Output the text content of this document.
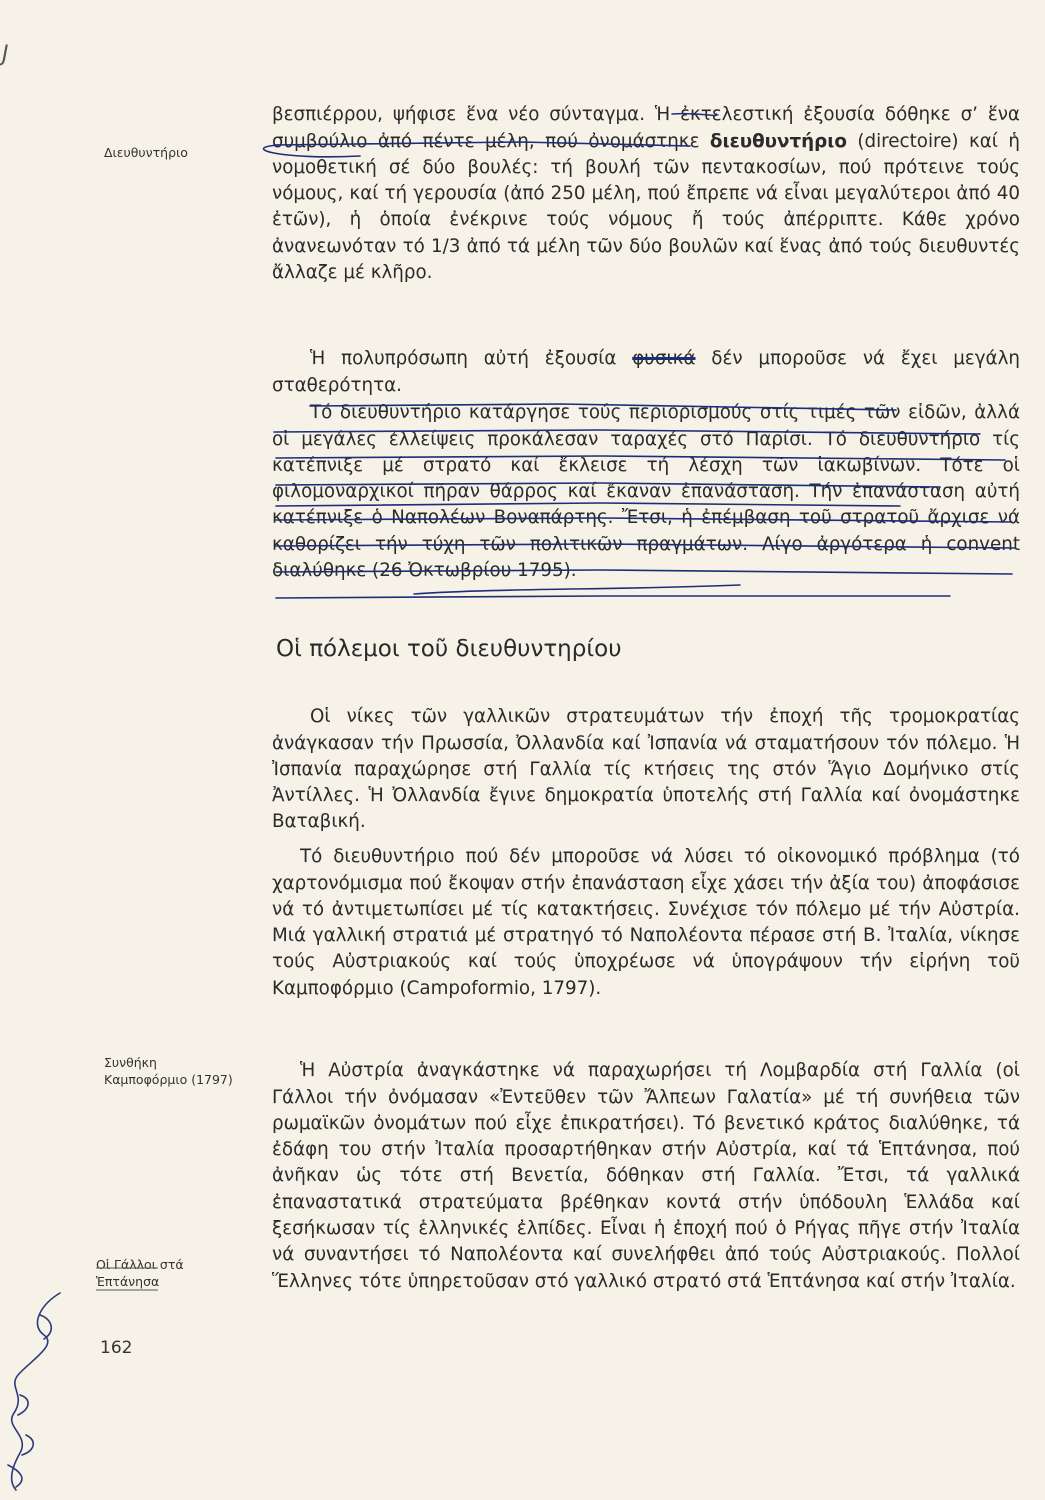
J
Διευθυντήριο
Συνθήκη
Καμποφόρμιο (1797)
Οἱ Γάλλοι στά
Ἑπτάνησα

βεσπιέρρου, ψήφισε ἕνα νέο σύνταγμα. Ἡ ἐκτελεστική ἐξουσία δόθηκε σ’ ἕνα συμβούλιο ἀπό πέντε μέλη, πού ὀνομάστηκε διευθυντήριο (directoire) καί ἡ νομοθετική σέ δύο βουλές: τή βουλή τῶν πεντακοσίων, πού πρότεινε τούς νόμους, καί τή γερουσία (ἀπό 250 μέλη, πού ἔπρεπε νά εἶναι μεγαλύτεροι ἀπό 40 ἐτῶν), ἡ ὁποία ἐνέκρινε τούς νόμους ἤ τούς ἀπέρριπτε. Κάθε χρόνο ἀνανεωνόταν τό 1/3 ἀπό τά μέλη τῶν δύο βουλῶν καί ἕνας ἀπό τούς διευθυντές ἄλλαζε μέ κλῆρο.

Ἡ πολυπρόσωπη αὐτή ἐξουσία φυσικά δέν μποροῦσε νά ἔχει μεγάλη σταθερότητα.

Τό διευθυντήριο κατάργησε τούς περιορισμούς στίς τιμές τῶν εἰδῶν, ἀλλά οἱ μεγάλες ἐλλείψεις προκάλεσαν ταραχές στό Παρίσι. Τό διευθυντήριο τίς κατέπνιξε μέ στρατό καί ἔκλεισε τή λέσχη τῶν ἰακωβίνων. Τότε οἱ φιλομοναρχικοί πῆραν θάρρος καί ἔκαναν ἐπανάσταση. Τήν ἐπανάσταση αὐτή κατέπνιξε ὁ Ναπολέων Βοναπάρτης. Ἔτσι, ἡ ἐπέμβαση τοῦ στρατοῦ ἄρχισε νά καθορίζει τήν τύχη τῶν πολιτικῶν πραγμάτων. Λίγο ἀργότερα ἡ convent διαλύθηκε (26 Ὀκτωβρίου 1795).

Οἱ πόλεμοι τοῦ διευθυντηρίου

Οἱ νίκες τῶν γαλλικῶν στρατευμάτων τήν ἐποχή τῆς τρομοκρατίας ἀνάγκασαν τήν Πρωσσία, Ὀλλανδία καί Ἰσπανία νά σταματήσουν τόν πόλεμο. Ἡ Ἰσπανία παραχώρησε στή Γαλλία τίς κτήσεις της στόν Ἅγιο Δομήνικο στίς Ἀντίλλες. Ἡ Ὀλλανδία ἔγινε δημοκρατία ὑποτελής στή Γαλλία καί ὀνομάστηκε Βαταβική.

Τό διευθυντήριο πού δέν μποροῦσε νά λύσει τό οἰκονομικό πρόβλημα (τό χαρτονόμισμα πού ἔκοψαν στήν ἐπανάσταση εἶχε χάσει τήν ἀξία του) ἀποφάσισε νά τό ἀντιμετωπίσει μέ τίς κατακτήσεις. Συνέχισε τόν πόλεμο μέ τήν Αὐστρία. Μιά γαλλική στρατιά μέ στρατηγό τό Ναπολέοντα πέρασε στή Β. Ἰταλία, νίκησε τούς Αὐστριακούς καί τούς ὑποχρέωσε νά ὑπογράψουν τήν εἰρήνη τοῦ Καμποφόρμιο (Campoformio, 1797).

Ἡ Αὐστρία ἀναγκάστηκε νά παραχωρήσει τή Λομβαρδία στή Γαλλία (οἱ Γάλλοι τήν ὀνόμασαν «Ἐντεῦθεν τῶν Ἄλπεων Γαλατία» μέ τή συνήθεια τῶν ρωμαϊκῶν ὀνομάτων πού εἶχε ἐπικρατήσει). Τό βενετικό κράτος διαλύθηκε, τά ἐδάφη του στήν Ἰταλία προσαρτήθηκαν στήν Αὐστρία, καί τά Ἑπτάνησα, πού ἀνῆκαν ὡς τότε στή Βενετία, δόθηκαν στή Γαλλία. Ἔτσι, τά γαλλικά ἐπαναστατικά στρατεύματα βρέθηκαν κοντά στήν ὑπόδουλη Ἑλλάδα καί ξεσήκωσαν τίς ἑλληνικές ἐλπίδες. Εἶναι ἡ ἐποχή πού ὁ Ρήγας πῆγε στήν Ἰταλία νά συναντήσει τό Ναπολέοντα καί συνελήφθει ἀπό τούς Αὐστριακούς. Πολλοί Ἕλληνες τότε ὑπηρετοῦσαν στό γαλλικό στρατό στά Ἑπτάνησα καί στήν Ἰταλία.

162
